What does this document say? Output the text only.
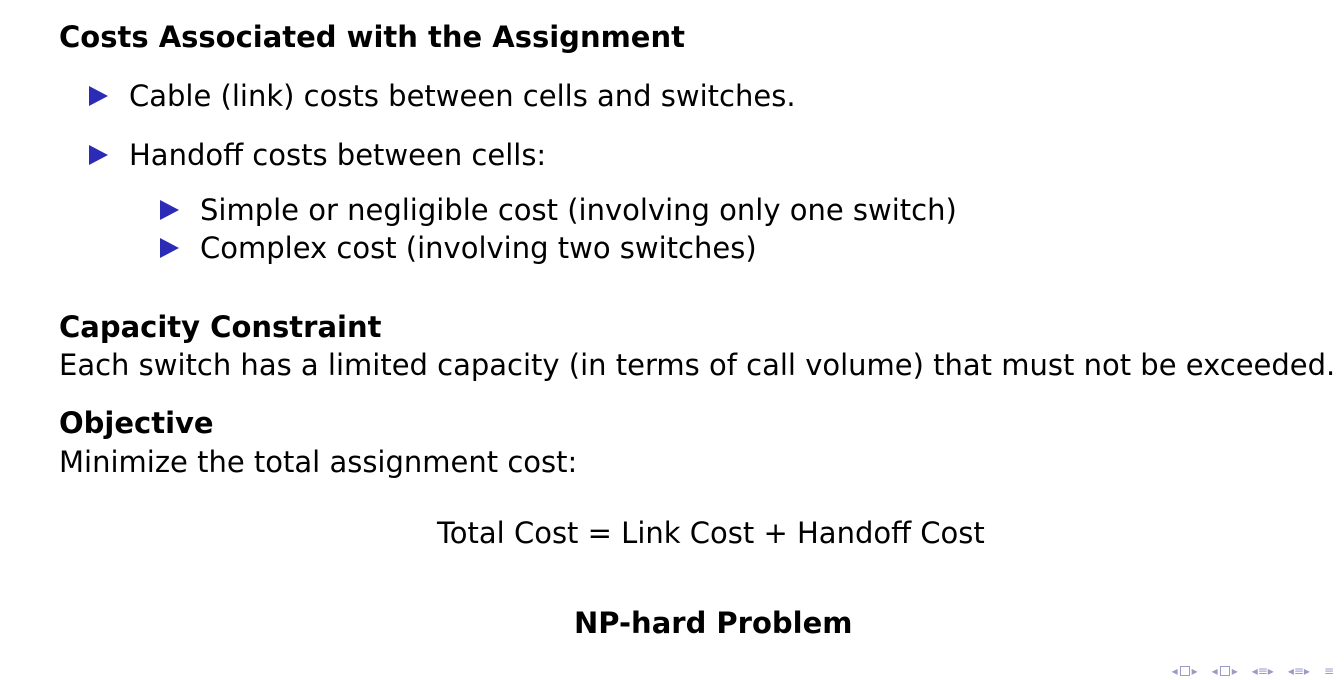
Costs Associated with the Assignment
Cable (link) costs between cells and switches.
Handoff costs between cells:
Simple or negligible cost (involving only one switch)
Complex cost (involving two switches)
Capacity Constraint
Each switch has a limited capacity (in terms of call volume) that must not be exceeded.
Objective
Minimize the total assignment cost:
Total Cost = Link Cost + Handoff Cost
NP-hard Problem
◂ ▸ ◂ ▸ ◂≡▸ ◂≡▸ ≡
